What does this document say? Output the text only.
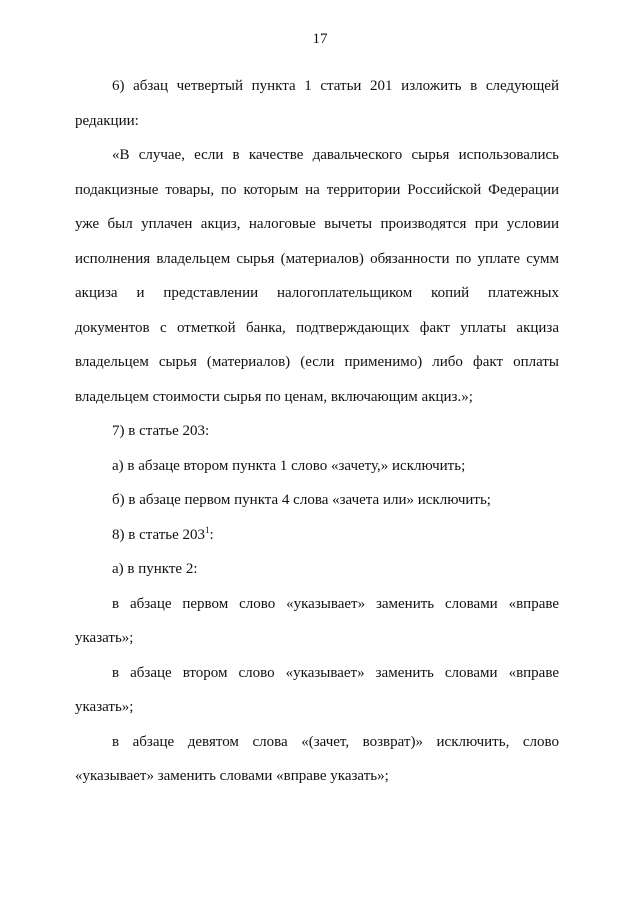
17
6) абзац четвертый пункта 1 статьи 201 изложить в следующей
редакции:
«В случае, если в качестве давальческого сырья использовались
подакцизные товары, по которым на территории Российской Федерации
уже был уплачен акциз, налоговые вычеты производятся при условии
исполнения владельцем сырья (материалов) обязанности по уплате сумм
акциза и представлении налогоплательщиком копий платежных
документов с отметкой банка, подтверждающих факт уплаты акциза
владельцем сырья (материалов) (если применимо) либо факт оплаты
владельцем стоимости сырья по ценам, включающим акциз.»;
7) в статье 203:
а) в абзаце втором пункта 1 слово «зачету,» исключить;
б) в абзаце первом пункта 4 слова «зачета или» исключить;
8) в статье $203^1$:
а) в пункте 2:
в абзаце первом слово «указывает» заменить словами «вправе
указать»;
в абзаце втором слово «указывает» заменить словами «вправе
указать»;
в абзаце девятом слова «(зачет, возврат)» исключить, слово
«указывает» заменить словами «вправе указать»;
